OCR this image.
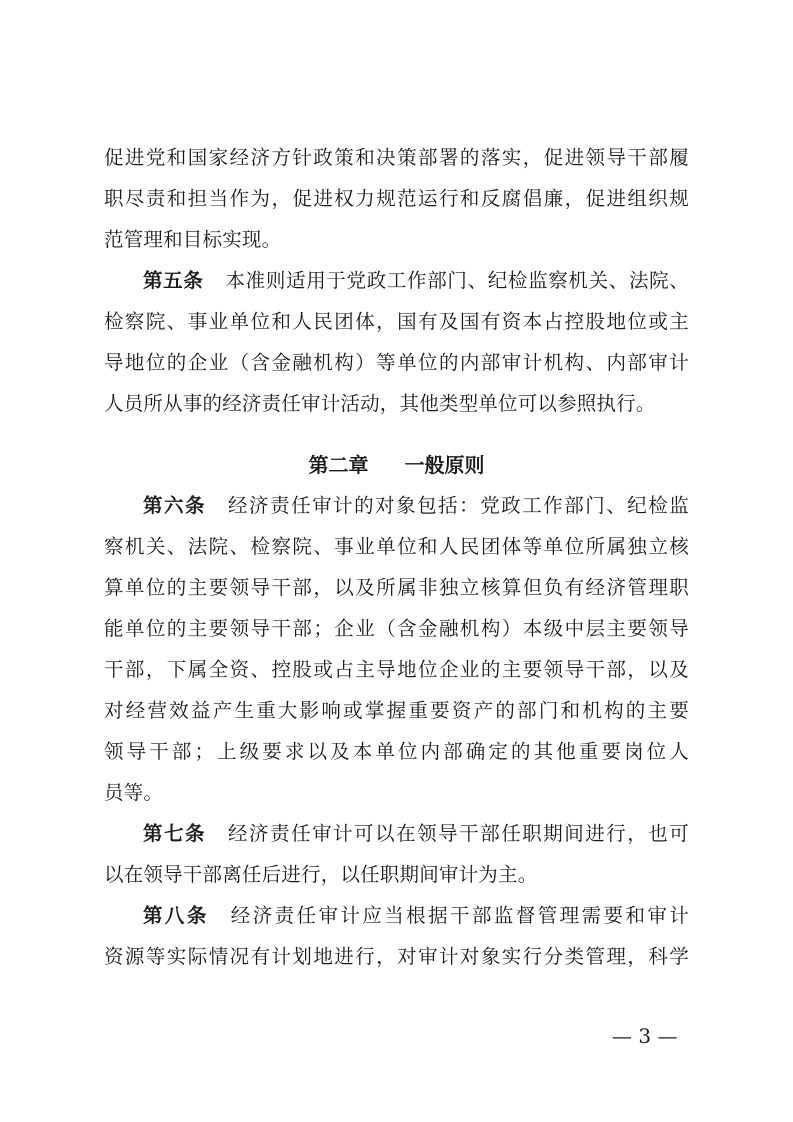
促进党和国家经济方针政策和决策部署的落实，促进领导干部履
职尽责和担当作为，促进权力规范运行和反腐倡廉，促进组织规
范管理和目标实现。
第五条 本准则适用于党政工作部门、纪检监察机关、法院、
检察院、事业单位和人民团体，国有及国有资本占控股地位或主
导地位的企业（含金融机构）等单位的内部审计机构、内部审计
人员所从事的经济责任审计活动，其他类型单位可以参照执行。
第二章 一般原则
第六条 经济责任审计的对象包括：党政工作部门、纪检监
察机关、法院、检察院、事业单位和人民团体等单位所属独立核
算单位的主要领导干部，以及所属非独立核算但负有经济管理职
能单位的主要领导干部；企业（含金融机构）本级中层主要领导
干部，下属全资、控股或占主导地位企业的主要领导干部，以及
对经营效益产生重大影响或掌握重要资产的部门和机构的主要
领导干部；上级要求以及本单位内部确定的其他重要岗位人
员等。
第七条 经济责任审计可以在领导干部任职期间进行，也可
以在领导干部离任后进行，以任职期间审计为主。
第八条 经济责任审计应当根据干部监督管理需要和审计
资源等实际情况有计划地进行，对审计对象实行分类管理，科学
— 3 —
